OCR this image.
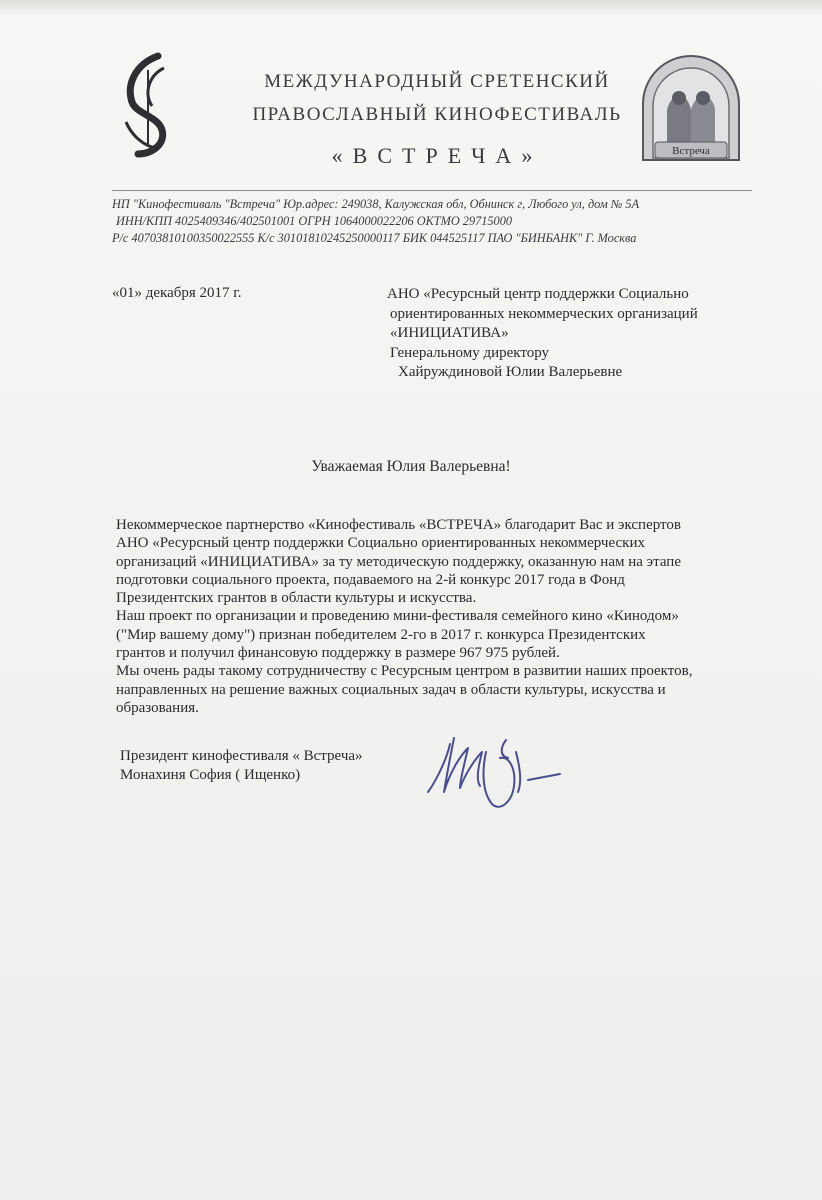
МЕЖДУНАРОДНЫЙ СРЕТЕНСКИЙ
ПРАВОСЛАВНЫЙ КИНОФЕСТИВАЛЬ
«ВСТРЕЧА»	Встреча
НП "Кинофестиваль "Встреча" Юр.адрес: 249038, Калужская обл, Обнинск г, Любого ул, дом № 5А
ИНН/КПП 4025409346/402501001 ОГРН 1064000022206 ОКТМО 29715000
Р/с 40703810100350022555 К/с 30101810245250000117 БИК 044525117 ПАО "БИНБАНК" Г. Москва
«01» декабря 2017 г.	АНО «Ресурсный центр поддержки Социально
ориентированных некоммерческих организаций
«ИНИЦИАТИВА»
Генеральному директору
Хайруждиновой Юлии Валерьевне
Уважаемая Юлия Валерьевна!
Некоммерческое партнерство «Кинофестиваль «ВСТРЕЧА» благодарит Вас и экспертов
АНО «Ресурсный центр поддержки Социально ориентированных некоммерческих
организаций «ИНИЦИАТИВА» за ту методическую поддержку, оказанную нам на этапе
подготовки социального проекта, подаваемого на 2-й конкурс 2017 года в Фонд
Президентских грантов в области культуры и искусства.
Наш проект по организации и проведению мини-фестиваля семейного кино «Кинодом»
("Мир вашему дому") признан победителем 2-го в 2017 г. конкурса Президентских
грантов и получил финансовую поддержку в размере 967 975 рублей.
Мы очень рады такому сотрудничеству с Ресурсным центром в развитии наших проектов,
направленных на решение важных социальных задач в области культуры, искусства и
образования.
Президент кинофестиваля « Встреча»
Монахиня София ( Ищенко)
